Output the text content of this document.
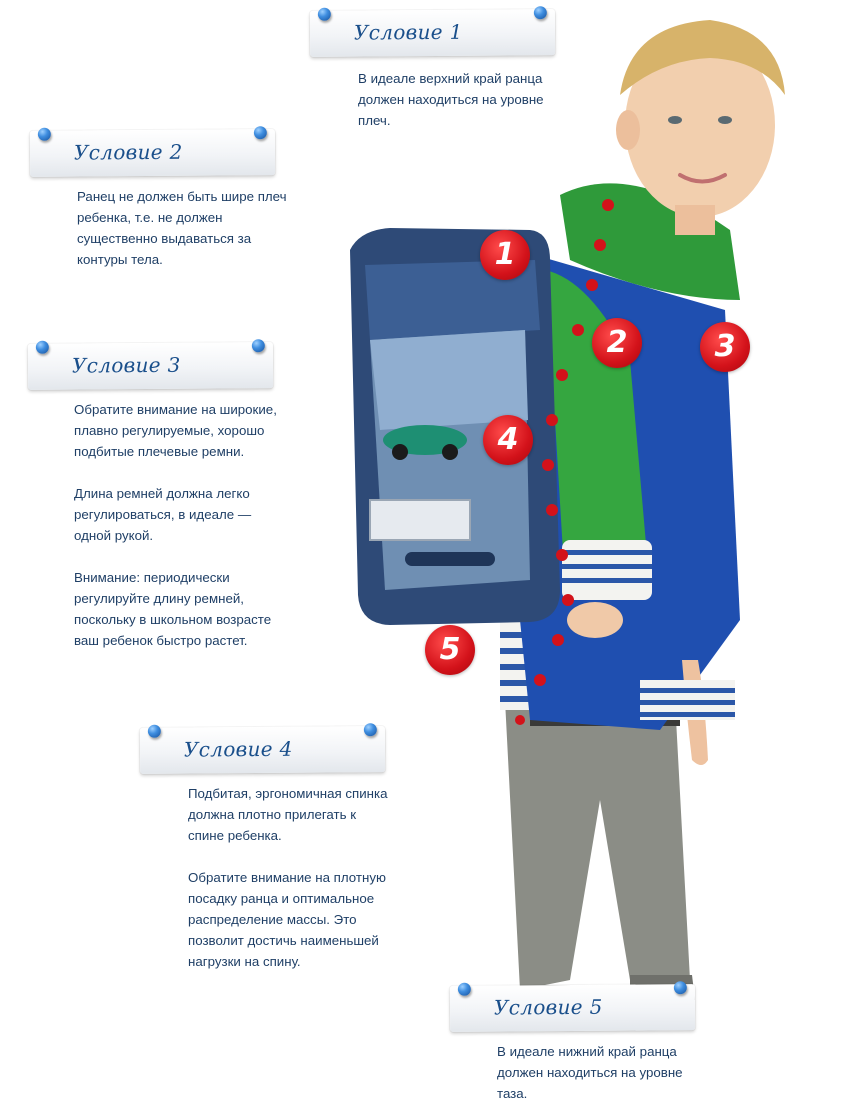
1
2	3
4
5
Условие 1

В идеале верхний край ранца должен находиться на уровне плеч.

Условие 2

Ранец не должен быть шире плеч ребенка, т.е. не должен существенно выдаваться за контуры тела.

Условие 3

Обратите внимание на широкие, плавно регулируемые, хорошо подбитые плечевые ремни.

Длина ремней должна легко регулироваться, в идеале — одной рукой.

Внимание: периодически регулируйте длину ремней, поскольку в школьном возрасте ваш ребенок быстро растет.

Условие 4

Подбитая, эргономичная спинка должна плотно прилегать к спине ребенка.

Обратите внимание на плотную посадку ранца и оптимальное распределение массы. Это позволит достичь наименьшей нагрузки на спину.

Условие 5

В идеале нижний край ранца должен находиться на уровне таза.
